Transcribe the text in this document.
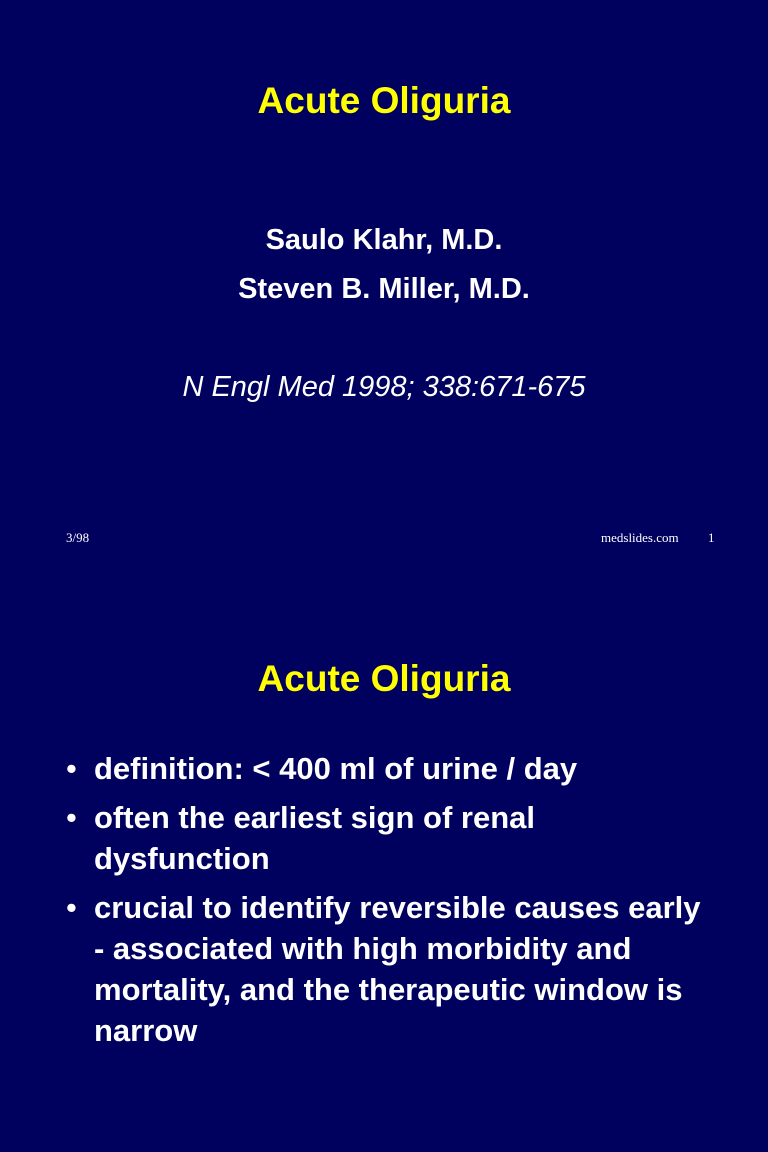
Acute Oliguria
Saulo Klahr, M.D.
Steven B. Miller, M.D.
N Engl Med 1998; 338:671-675
3/98	medslides.com 1
Acute Oliguria
• definition: < 400 ml of urine / day
• often the earliest sign of renal dysfunction
• crucial to identify reversible causes early - associated with high morbidity and mortality, and the therapeutic window is narrow
